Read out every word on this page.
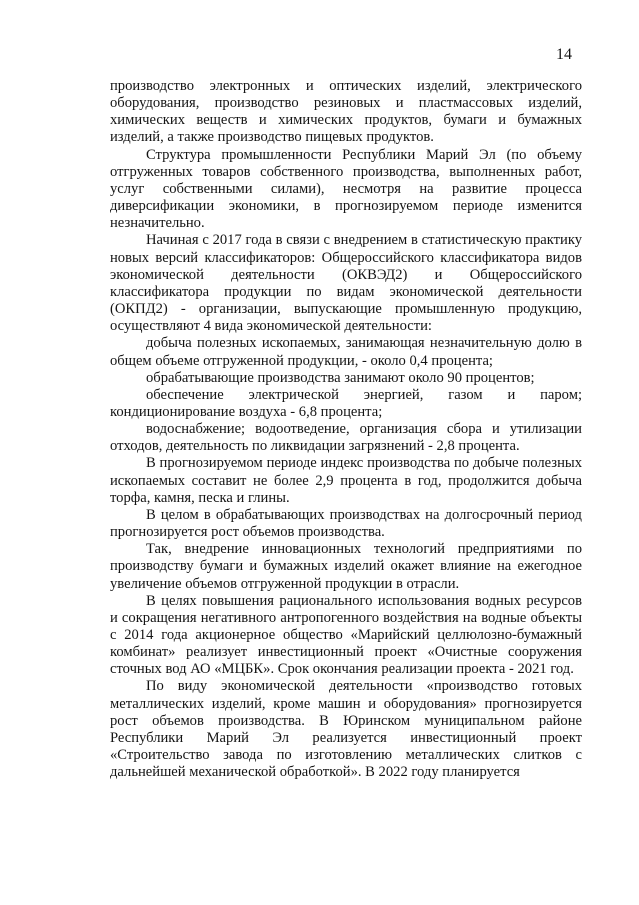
14

производство электронных и оптических изделий, электрического оборудования, производство резиновых и пластмассовых изделий, химических веществ и химических продуктов, бумаги и бумажных изделий, а также производство пищевых продуктов.

Структура промышленности Республики Марий Эл (по объему отгруженных товаров собственного производства, выполненных работ, услуг собственными силами), несмотря на развитие процесса диверсификации экономики, в прогнозируемом периоде изменится незначительно.

Начиная с 2017 года в связи с внедрением в статистическую практику новых версий классификаторов: Общероссийского классификатора видов экономической деятельности (ОКВЭД2) и Общероссийского классификатора продукции по видам экономической деятельности (ОКПД2) - организации, выпускающие промышленную продукцию, осуществляют 4 вида экономической деятельности:

добыча полезных ископаемых, занимающая незначительную долю в общем объеме отгруженной продукции, - около 0,4 процента;

обрабатывающие производства занимают около 90 процентов;

обеспечение электрической энергией, газом и паром; кондиционирование воздуха - 6,8 процента;

водоснабжение; водоотведение, организация сбора и утилизации отходов, деятельность по ликвидации загрязнений - 2,8 процента.

В прогнозируемом периоде индекс производства по добыче полезных ископаемых составит не более 2,9 процента в год, продолжится добыча торфа, камня, песка и глины.

В целом в обрабатывающих производствах на долгосрочный период прогнозируется рост объемов производства.

Так, внедрение инновационных технологий предприятиями по производству бумаги и бумажных изделий окажет влияние на ежегодное увеличение объемов отгруженной продукции в отрасли.

В целях повышения рационального использования водных ресурсов и сокращения негативного антропогенного воздействия на водные объекты с 2014 года акционерное общество «Марийский целлюлозно-бумажный комбинат» реализует инвестиционный проект «Очистные сооружения сточных вод АО «МЦБК». Срок окончания реализации проекта - 2021 год.

По виду экономической деятельности «производство готовых металлических изделий, кроме машин и оборудования» прогнозируется рост объемов производства. В Юринском муниципальном районе Республики Марий Эл реализуется инвестиционный проект «Строительство завода по изготовлению металлических слитков с дальнейшей механической обработкой». В 2022 году планируется
